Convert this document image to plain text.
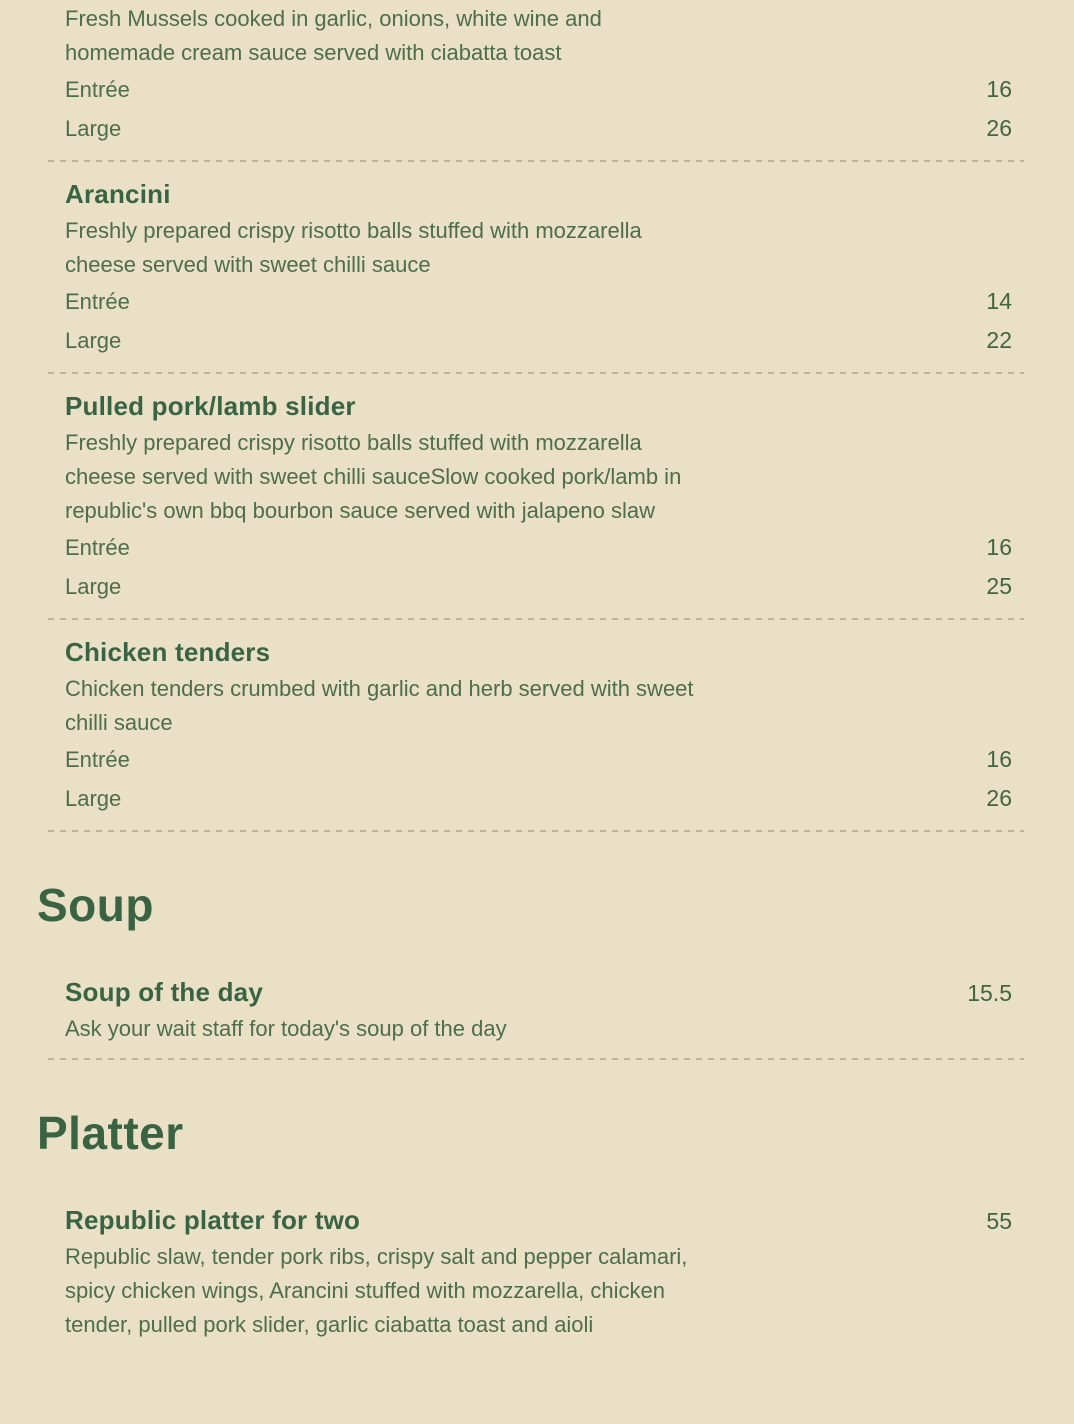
Fresh Mussels cooked in garlic, onions, white wine and homemade cream sauce served with ciabatta toast
Entrée	16
Large	26
Arancini
Freshly prepared crispy risotto balls stuffed with mozzarella cheese served with sweet chilli sauce
Entrée	14
Large	22
Pulled pork/lamb slider
Freshly prepared crispy risotto balls stuffed with mozzarella cheese served with sweet chilli sauceSlow cooked pork/lamb in republic's own bbq bourbon sauce served with jalapeno slaw
Entrée	16
Large	25
Chicken tenders
Chicken tenders crumbed with garlic and herb served with sweet chilli sauce
Entrée	16
Large	26
Soup
Soup of the day	15.5
Ask your wait staff for today's soup of the day
Platter
Republic platter for two	55
Republic slaw, tender pork ribs, crispy salt and pepper calamari, spicy chicken wings, Arancini stuffed with mozzarella, chicken tender, pulled pork slider, garlic ciabatta toast and aioli
